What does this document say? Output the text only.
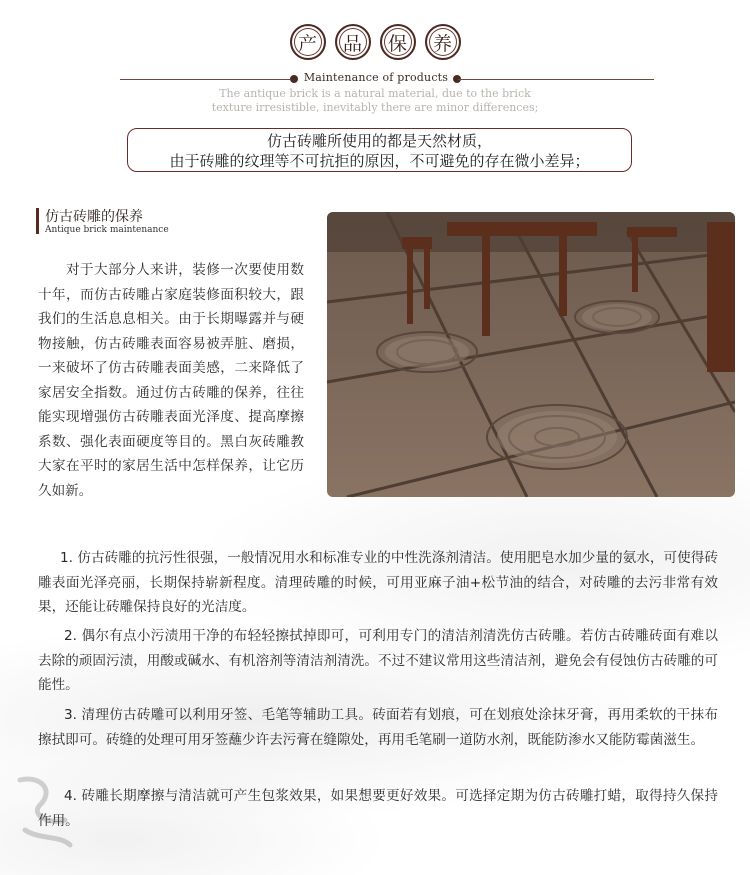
产	品	保	养
Maintenance of products
The antique brick is a natural material, due to the brick
texture irresistible, inevitably there are minor differences;
仿古砖雕所使用的都是天然材质，
由于砖雕的纹理等不可抗拒的原因，不可避免的存在微小差异；
仿古砖雕的保养
Antique brick maintenance

对于大部分人来讲，装修一次要使用数十年，而仿古砖雕占家庭装修面积较大，跟我们的生活息息相关。由于长期曝露并与硬物接触，仿古砖雕表面容易被弄脏、磨损，一来破坏了仿古砖雕表面美感，二来降低了家居安全指数。通过仿古砖雕的保养，往往能实现增强仿古砖雕表面光泽度、提高摩擦系数、强化表面硬度等目的。黑白灰砖雕教大家在平时的家居生活中怎样保养，让它历久如新。

1. 仿古砖雕的抗污性很强，一般情况用水和标准专业的中性洗涤剂清洁。使用肥皂水加少量的氨水，可使得砖雕表面光泽亮丽，长期保持崭新程度。清理砖雕的时候，可用亚麻子油+松节油的结合，对砖雕的去污非常有效果，还能让砖雕保持良好的光洁度。

2. 偶尔有点小污渍用干净的布轻轻擦拭掉即可，可利用专门的清洁剂清洗仿古砖雕。若仿古砖雕砖面有难以去除的顽固污渍，用酸或碱水、有机溶剂等清洁剂清洗。不过不建议常用这些清洁剂，避免会有侵蚀仿古砖雕的可能性。

3. 清理仿古砖雕可以利用牙签、毛笔等辅助工具。砖面若有划痕，可在划痕处涂抹牙膏，再用柔软的干抹布擦拭即可。砖缝的处理可用牙签蘸少许去污膏在缝隙处，再用毛笔刷一道防水剂，既能防渗水又能防霉菌滋生。

4. 砖雕长期摩擦与清洁就可产生包浆效果，如果想要更好效果。可选择定期为仿古砖雕打蜡，取得持久保持作用。
